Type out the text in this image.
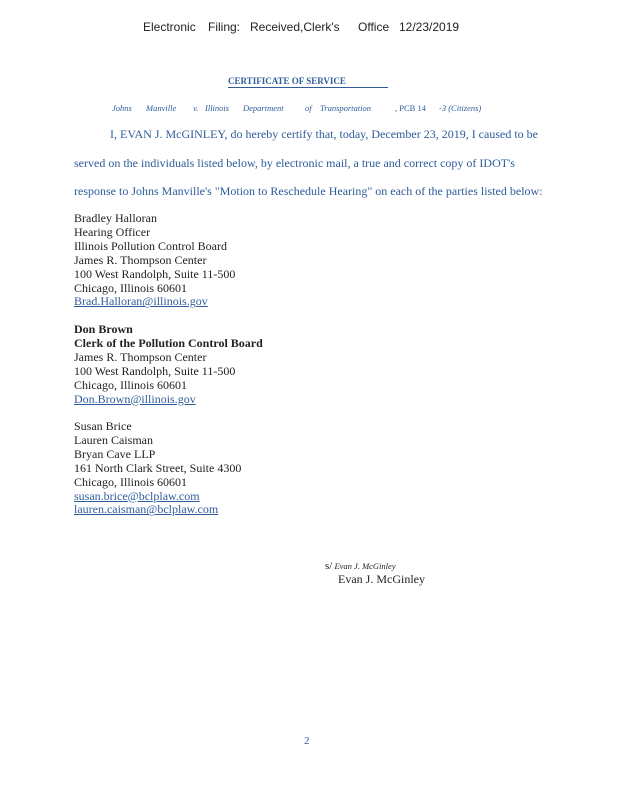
Electronic Filing: Received,Clerk's Office 12/23/2019
CERTIFICATE OF SERVICE
Johns Manville v. Illinois Department	of Transportation	, PCB 14 -3 (Citizens)
I, EVAN J. McGINLEY, do hereby certify that, today, December 23, 2019, I caused to be
served on the individuals listed below, by electronic mail, a true and correct copy of IDOT's
response to Johns Manville's "Motion to Reschedule Hearing" on each of the parties listed below:
Bradley Halloran
Hearing Officer
Illinois Pollution Control Board
James R. Thompson Center
100 West Randolph, Suite 11-500
Chicago, Illinois 60601
Brad.Halloran@illinois.gov
Don Brown
Clerk of the Pollution Control Board
James R. Thompson Center
100 West Randolph, Suite 11-500
Chicago, Illinois 60601
Don.Brown@illinois.gov
Susan Brice
Lauren Caisman
Bryan Cave LLP
161 North Clark Street, Suite 4300
Chicago, Illinois 60601
susan.brice@bclplaw.com
lauren.caisman@bclplaw.com
s/ Evan J. McGinley
Evan J. McGinley
2
